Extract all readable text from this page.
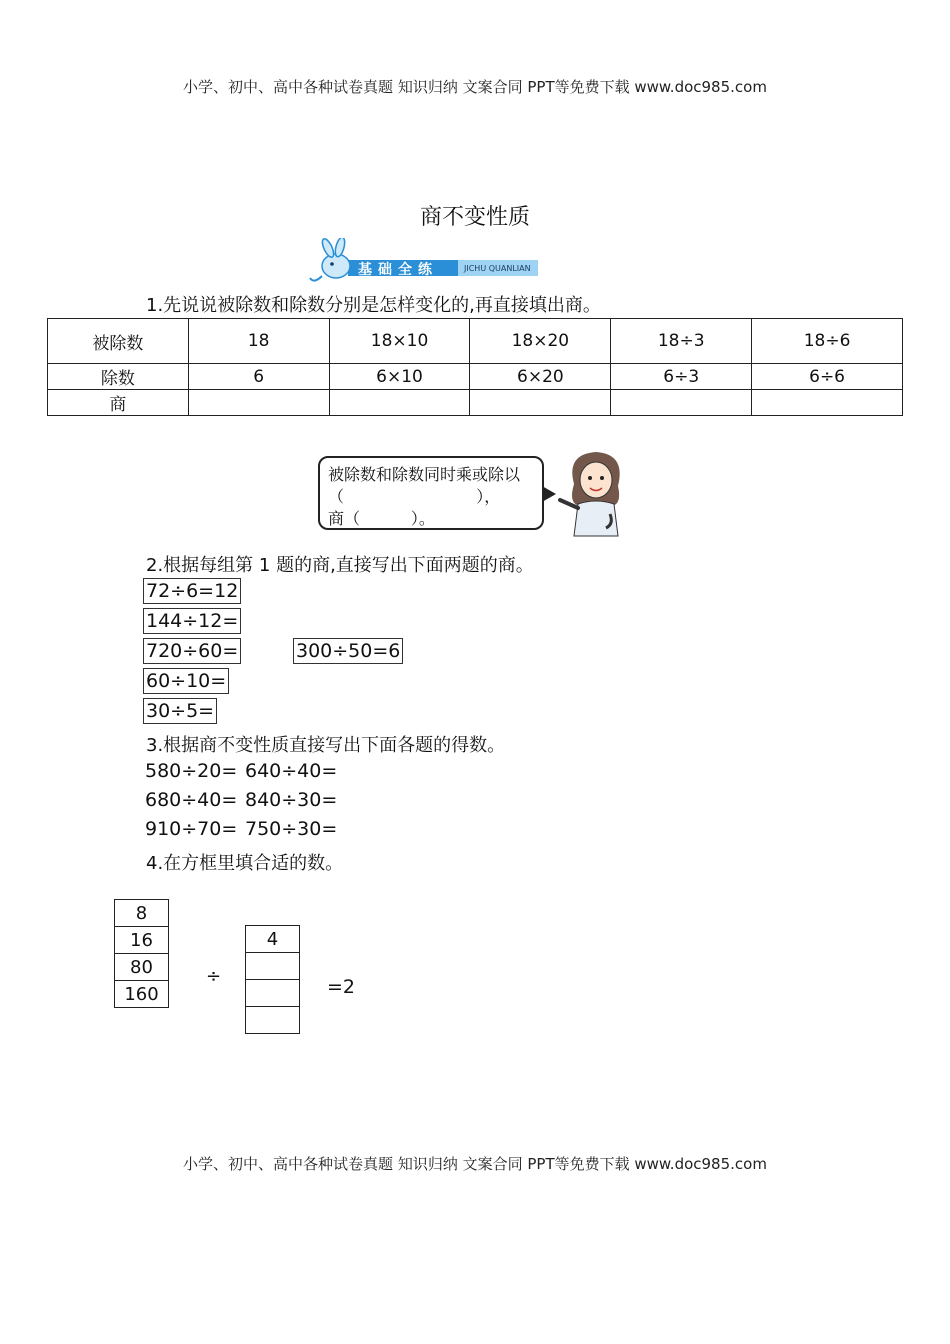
小学、初中、高中各种试卷真题 知识归纳 文案合同 PPT等免费下载 www.doc985.com
商不变性质
基础全练	JICHU QUANLIAN
1.先说说被除数和除数分别是怎样变化的,再直接填出商。
被除数	18	18×10	18×20	18÷3	18÷6
除数	6	6×10	6×20	6÷3	6÷6
商					
被除数和除数同时乘或除以
（                          ），
商（          ）。
2.根据每组第 1 题的商,直接写出下面两题的商。
72÷6=12
144÷12=
720÷60=	300÷50=6
60÷10=
30÷5=
3.根据商不变性质直接写出下面各题的得数。
580÷20= 640÷40=
680÷40= 840÷30=
910÷70= 750÷30=
4.在方框里填合适的数。
8
16
80
160
÷
4
=2
小学、初中、高中各种试卷真题 知识归纳 文案合同 PPT等免费下载 www.doc985.com
